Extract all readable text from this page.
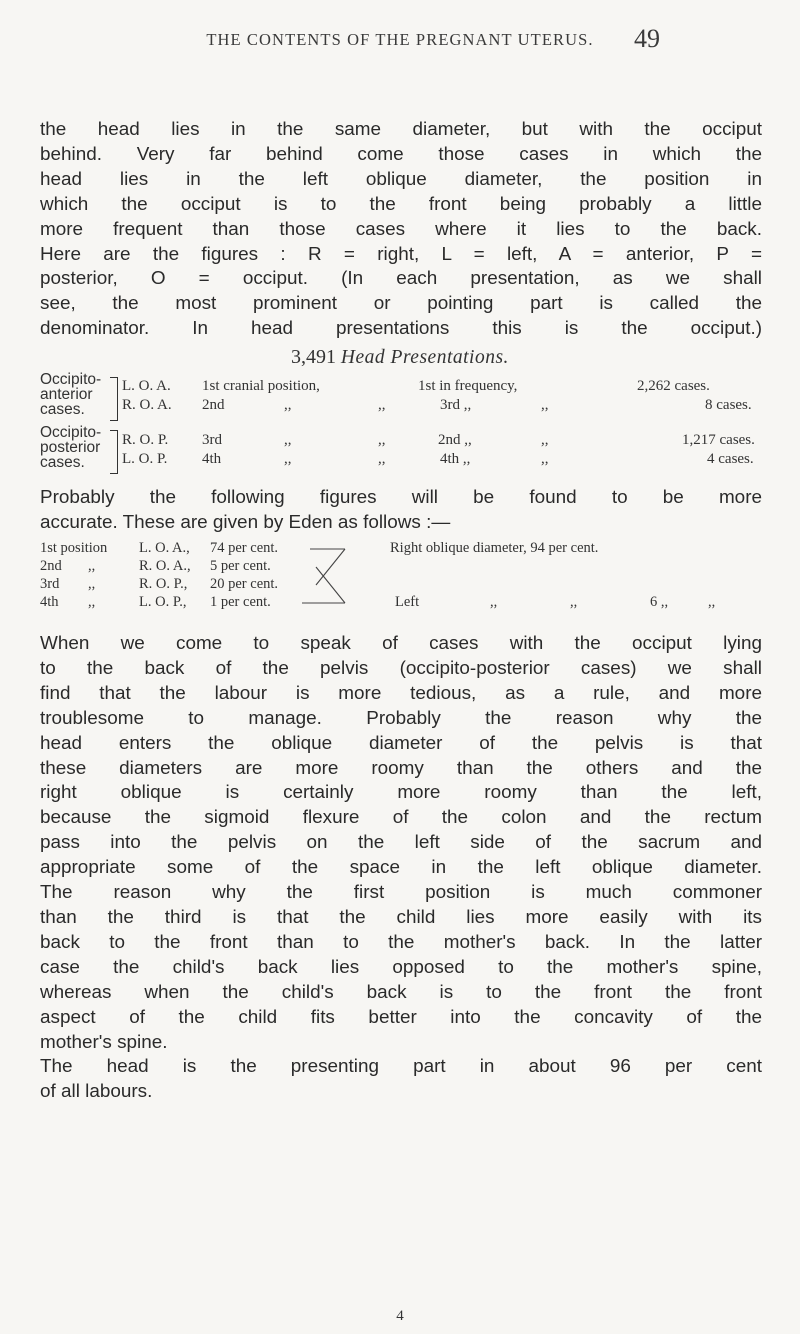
THE CONTENTS OF THE PREGNANT UTERUS. 49
the head lies in the same diameter, but with the occiput
behind. Very far behind come those cases in which the
head lies in the left oblique diameter, the position in
which the occiput is to the front being probably a little
more frequent than those cases where it lies to the back.
Here are the figures : R = right, L = left, A = anterior, P =
posterior, O = occiput. (In each presentation, as we shall
see, the most prominent or pointing part is called the
denominator. In head presentations this is the occiput.)
3,491 Head Presentations.
Occipito-
anterior
cases.
L. O. A. 1st cranial position,	1st in frequency,	2,262 cases.
R. O. A. 2nd	,,	,,	3rd ,,	,,	8 cases.
Occipito-
posterior
cases.
R. O. P. 3rd	,,	,,	2nd ,,	,,	1,217 cases.
L. O. P. 4th	,,	,,	4th ,,	,,	4 cases.
Probably the following figures will be found to be more
accurate. These are given by Eden as follows :—
1st position L. O. A., 74 per cent.	Right oblique diameter, 94 per cent.
2nd ,,	R. O. A., 5 per cent.
3rd ,,	R. O. P., 20 per cent.
4th ,,	L. O. P., 1 per cent.	Left	,,	,,	6 ,,	,,
When we come to speak of cases with the occiput lying
to the back of the pelvis (occipito-posterior cases) we shall
find that the labour is more tedious, as a rule, and more
troublesome to manage. Probably the reason why the
head enters the oblique diameter of the pelvis is that
these diameters are more roomy than the others and the
right oblique is certainly more roomy than the left,
because the sigmoid flexure of the colon and the rectum
pass into the pelvis on the left side of the sacrum and
appropriate some of the space in the left oblique diameter.
The reason why the first position is much commoner
than the third is that the child lies more easily with its
back to the front than to the mother's back. In the latter
case the child's back lies opposed to the mother's spine,
whereas when the child's back is to the front the front
aspect of the child fits better into the concavity of the
mother's spine.
The head is the presenting part in about 96 per cent
of all labours.
4
